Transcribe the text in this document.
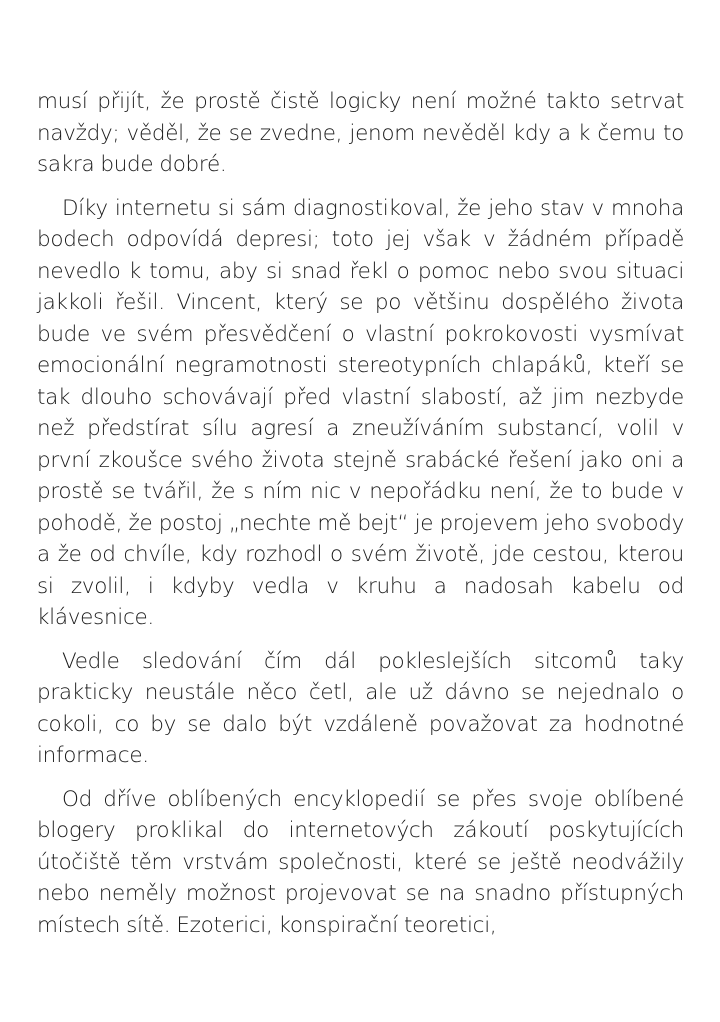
musí přijít, že prostě čistě logicky není možné takto setrvat navždy; věděl, že se zvedne, jenom nevěděl kdy a k čemu to sakra bude dobré.

Díky internetu si sám diagnostikoval, že jeho stav v mnoha bodech odpovídá depresi; toto jej však v žádném případě nevedlo k tomu, aby si snad řekl o pomoc nebo svou situaci jakkoli řešil. Vincent, který se po většinu dospělého života bude ve svém přesvědčení o vlastní pokrokovosti vysmívat emocionální negramotnosti stereotypních chlapáků, kteří se tak dlouho schovávají před vlastní slabostí, až jim nezbyde než předstírat sílu agresí a zneužíváním substancí, volil v první zkoušce svého života stejně srabácké řešení jako oni a prostě se tvářil, že s ním nic v nepořádku není, že to bude v pohodě, že postoj „nechte mě bejt“ je projevem jeho svobody a že od chvíle, kdy rozhodl o svém životě, jde cestou, kterou si zvolil, i kdyby vedla v kruhu a nadosah kabelu od klávesnice.

Vedle sledování čím dál pokleslejších sitcomů taky prakticky neustále něco četl, ale už dávno se nejednalo o cokoli, co by se dalo být vzdáleně považovat za hodnotné informace.

Od dříve oblíbených encyklopedií se přes svoje oblíbené blogery proklikal do internetových zákoutí poskytujících útočiště těm vrstvám společnosti, které se ještě neodvážily nebo neměly možnost projevovat se na snadno přístupných místech sítě. Ezoterici, konspirační teoretici,
